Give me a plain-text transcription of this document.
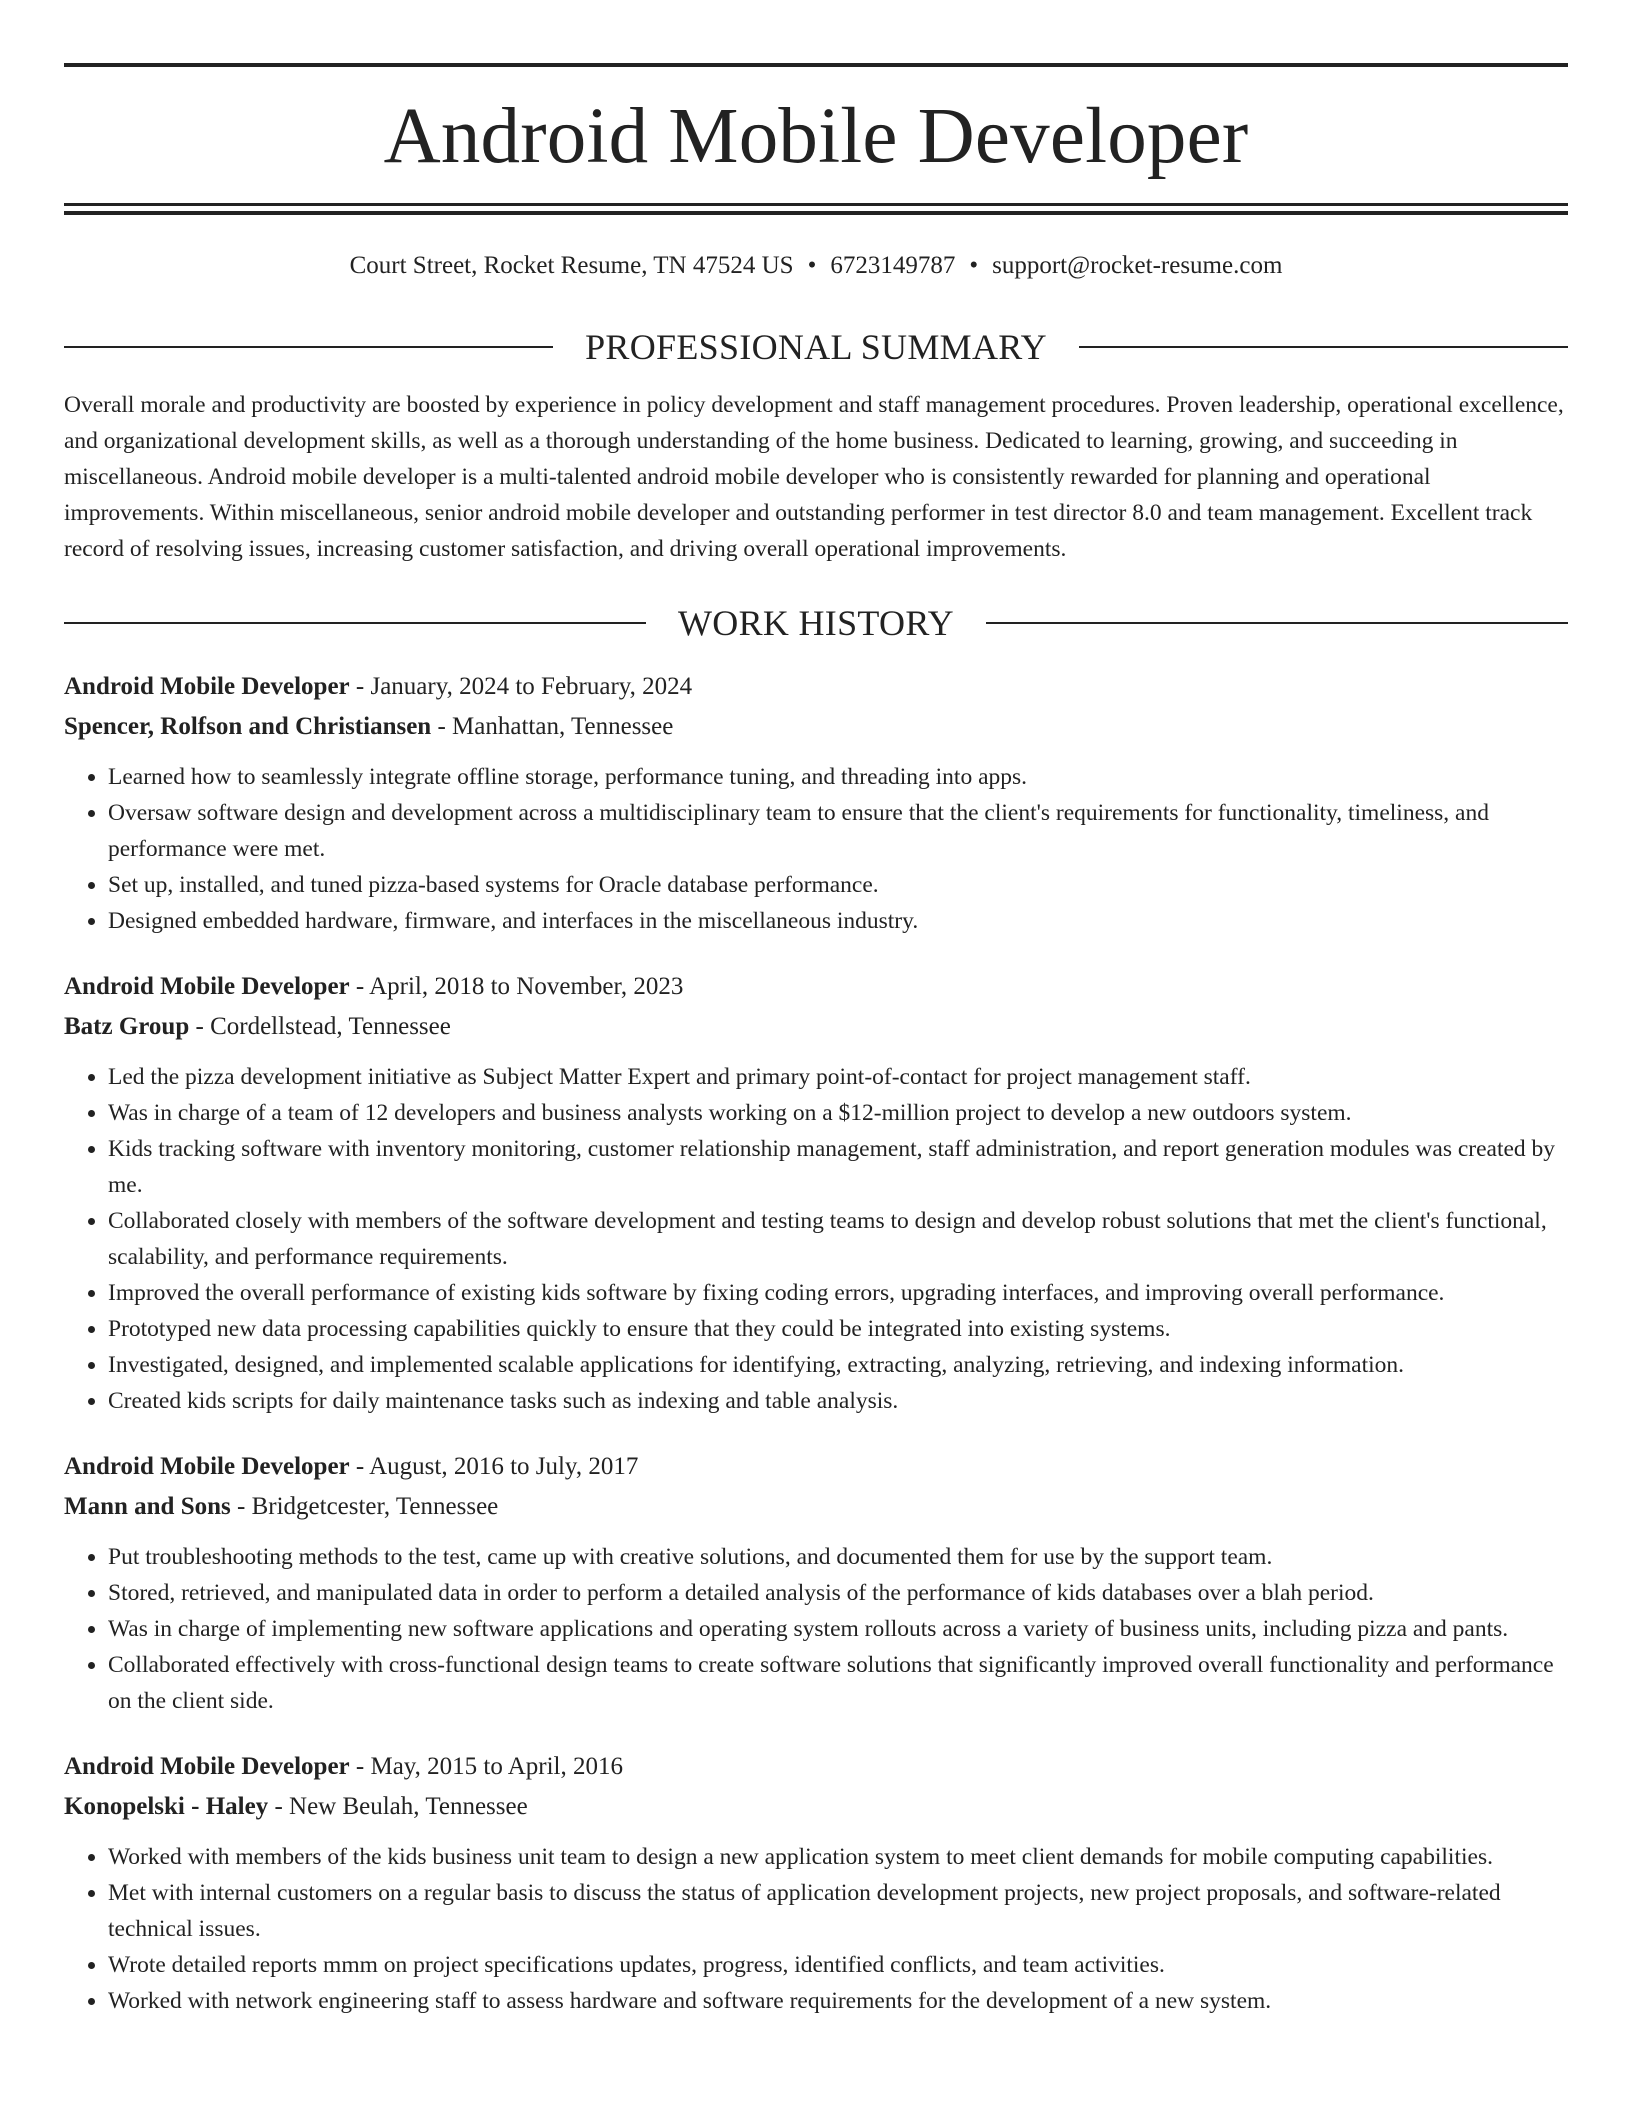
Android Mobile Developer
Court Street, Rocket Resume, TN 47524 US • 6723149787 • support@rocket-resume.com
PROFESSIONAL SUMMARY
Overall morale and productivity are boosted by experience in policy development and staff management procedures. Proven leadership, operational excellence, and organizational development skills, as well as a thorough understanding of the home business. Dedicated to learning, growing, and succeeding in miscellaneous. Android mobile developer is a multi-talented android mobile developer who is consistently rewarded for planning and operational improvements. Within miscellaneous, senior android mobile developer and outstanding performer in test director 8.0 and team management. Excellent track record of resolving issues, increasing customer satisfaction, and driving overall operational improvements.
WORK HISTORY
Android Mobile Developer - January, 2024 to February, 2024
Spencer, Rolfson and Christiansen - Manhattan, Tennessee
• Learned how to seamlessly integrate offline storage, performance tuning, and threading into apps.
• Oversaw software design and development across a multidisciplinary team to ensure that the client's requirements for functionality, timeliness, and performance were met.
• Set up, installed, and tuned pizza-based systems for Oracle database performance.
• Designed embedded hardware, firmware, and interfaces in the miscellaneous industry.
Android Mobile Developer - April, 2018 to November, 2023
Batz Group - Cordellstead, Tennessee
• Led the pizza development initiative as Subject Matter Expert and primary point-of-contact for project management staff.
• Was in charge of a team of 12 developers and business analysts working on a $12-million project to develop a new outdoors system.
• Kids tracking software with inventory monitoring, customer relationship management, staff administration, and report generation modules was created by me.
• Collaborated closely with members of the software development and testing teams to design and develop robust solutions that met the client's functional, scalability, and performance requirements.
• Improved the overall performance of existing kids software by fixing coding errors, upgrading interfaces, and improving overall performance.
• Prototyped new data processing capabilities quickly to ensure that they could be integrated into existing systems.
• Investigated, designed, and implemented scalable applications for identifying, extracting, analyzing, retrieving, and indexing information.
• Created kids scripts for daily maintenance tasks such as indexing and table analysis.
Android Mobile Developer - August, 2016 to July, 2017
Mann and Sons - Bridgetcester, Tennessee
• Put troubleshooting methods to the test, came up with creative solutions, and documented them for use by the support team.
• Stored, retrieved, and manipulated data in order to perform a detailed analysis of the performance of kids databases over a blah period.
• Was in charge of implementing new software applications and operating system rollouts across a variety of business units, including pizza and pants.
• Collaborated effectively with cross-functional design teams to create software solutions that significantly improved overall functionality and performance on the client side.
Android Mobile Developer - May, 2015 to April, 2016
Konopelski - Haley - New Beulah, Tennessee
• Worked with members of the kids business unit team to design a new application system to meet client demands for mobile computing capabilities.
• Met with internal customers on a regular basis to discuss the status of application development projects, new project proposals, and software-related technical issues.
• Wrote detailed reports mmm on project specifications updates, progress, identified conflicts, and team activities.
• Worked with network engineering staff to assess hardware and software requirements for the development of a new system.
